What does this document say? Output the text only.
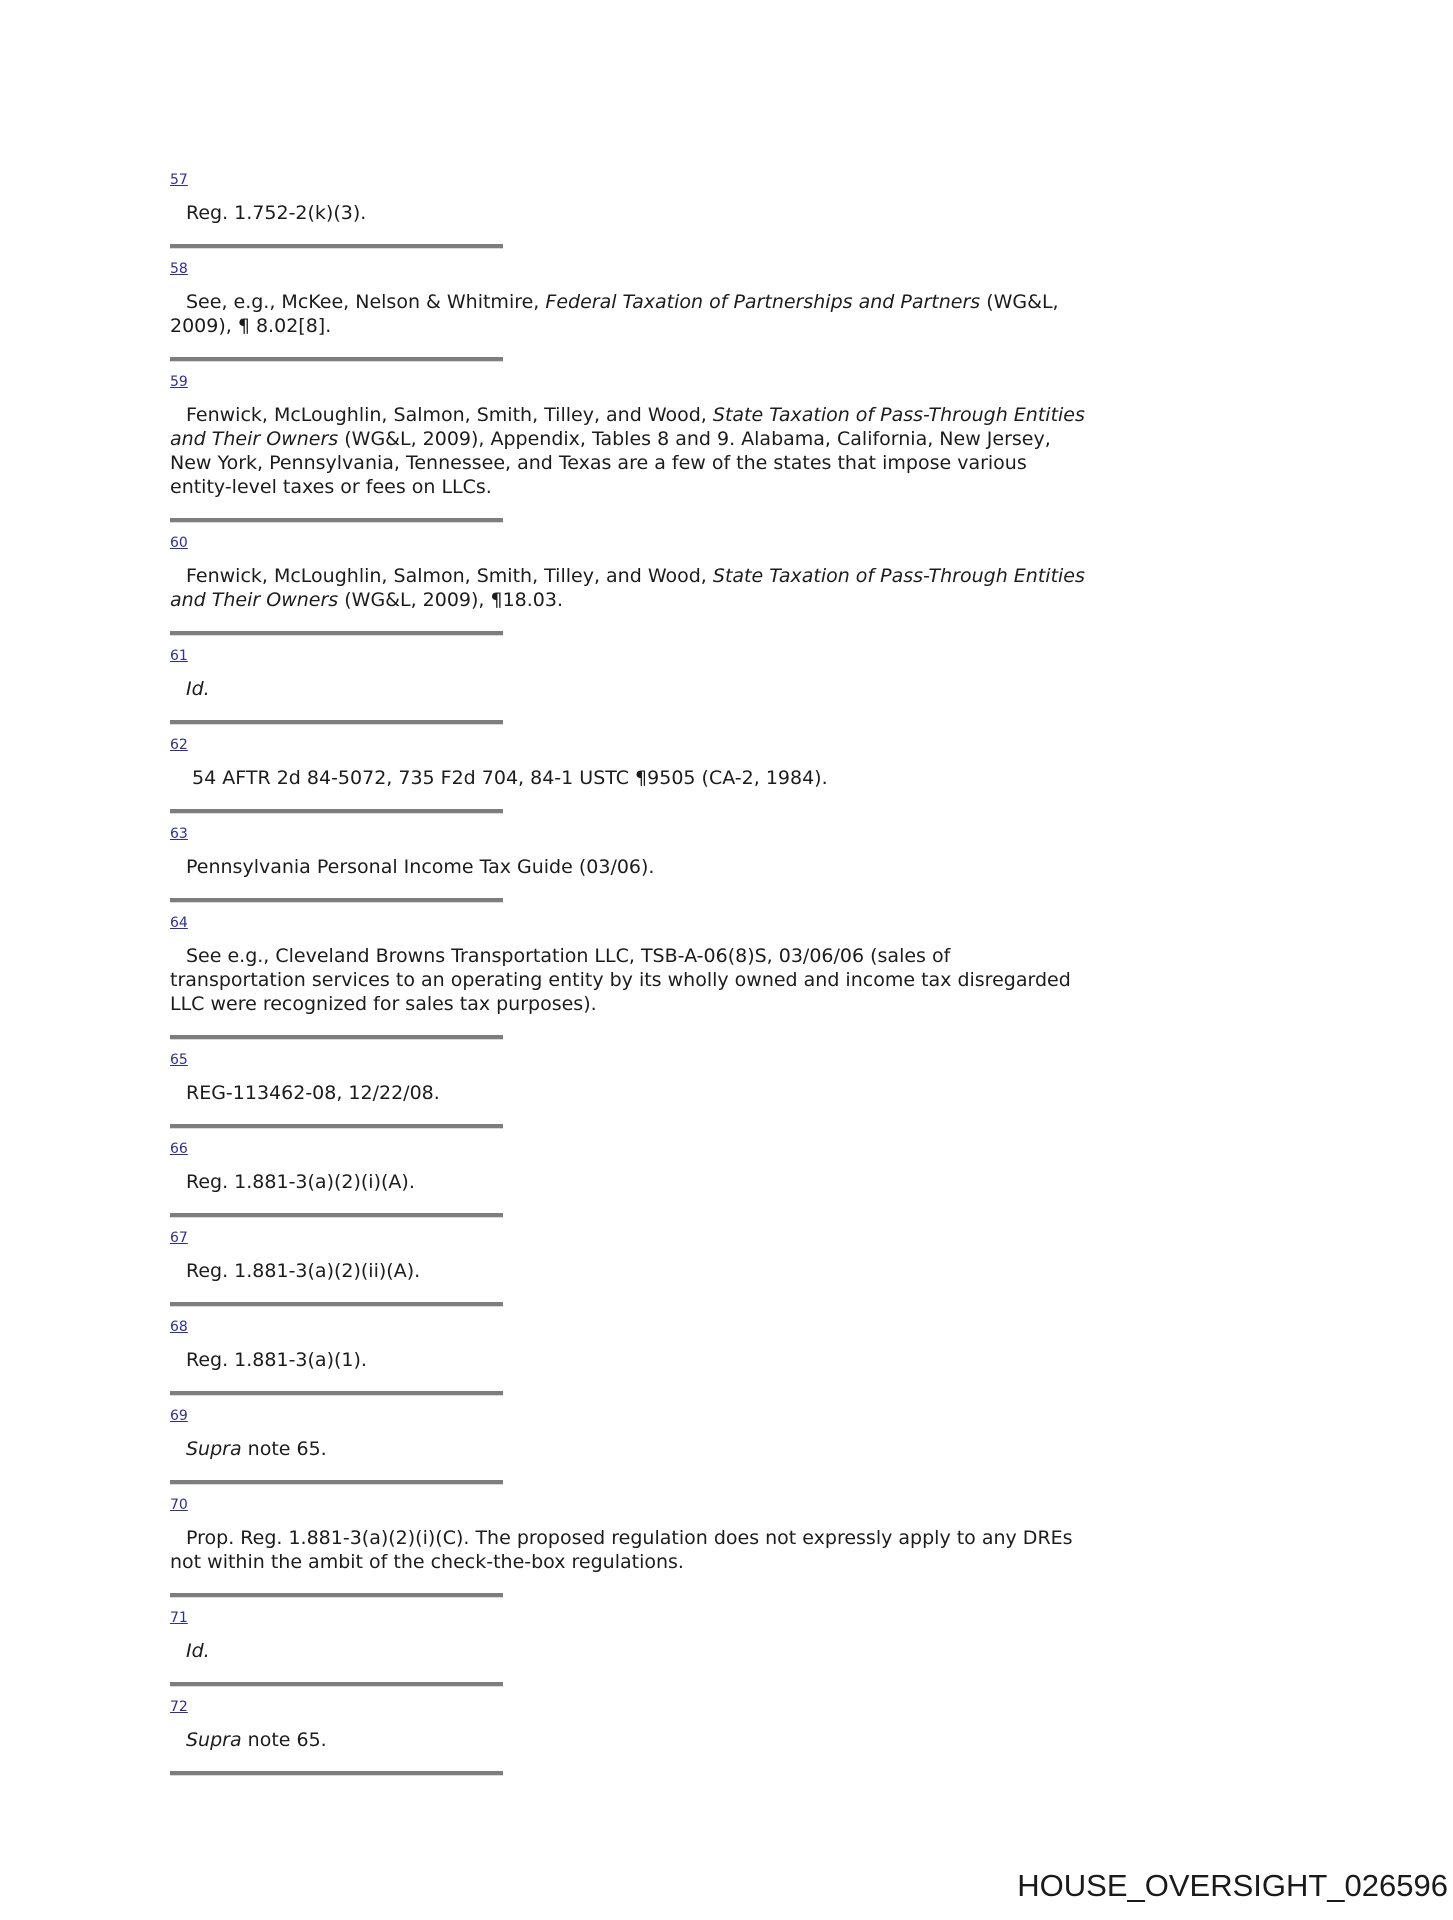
57
Reg. 1.752-2(k)(3).
58
See, e.g., McKee, Nelson & Whitmire, Federal Taxation of Partnerships and Partners (WG&L,
2009), ¶ 8.02[8].
59
Fenwick, McLoughlin, Salmon, Smith, Tilley, and Wood, State Taxation of Pass-Through Entities
and Their Owners (WG&L, 2009), Appendix, Tables 8 and 9. Alabama, California, New Jersey,
New York, Pennsylvania, Tennessee, and Texas are a few of the states that impose various
entity-level taxes or fees on LLCs.
60
Fenwick, McLoughlin, Salmon, Smith, Tilley, and Wood, State Taxation of Pass-Through Entities
and Their Owners (WG&L, 2009), ¶18.03.
61
Id.
62
54 AFTR 2d 84-5072, 735 F2d 704, 84-1 USTC ¶9505 (CA-2, 1984).
63
Pennsylvania Personal Income Tax Guide (03/06).
64
See e.g., Cleveland Browns Transportation LLC, TSB-A-06(8)S, 03/06/06 (sales of
transportation services to an operating entity by its wholly owned and income tax disregarded
LLC were recognized for sales tax purposes).
65
REG-113462-08, 12/22/08.
66
Reg. 1.881-3(a)(2)(i)(A).
67
Reg. 1.881-3(a)(2)(ii)(A).
68
Reg. 1.881-3(a)(1).
69
Supra note 65.
70
Prop. Reg. 1.881-3(a)(2)(i)(C). The proposed regulation does not expressly apply to any DREs
not within the ambit of the check-the-box regulations.
71
Id.
72
Supra note 65.
HOUSE_OVERSIGHT_026596
